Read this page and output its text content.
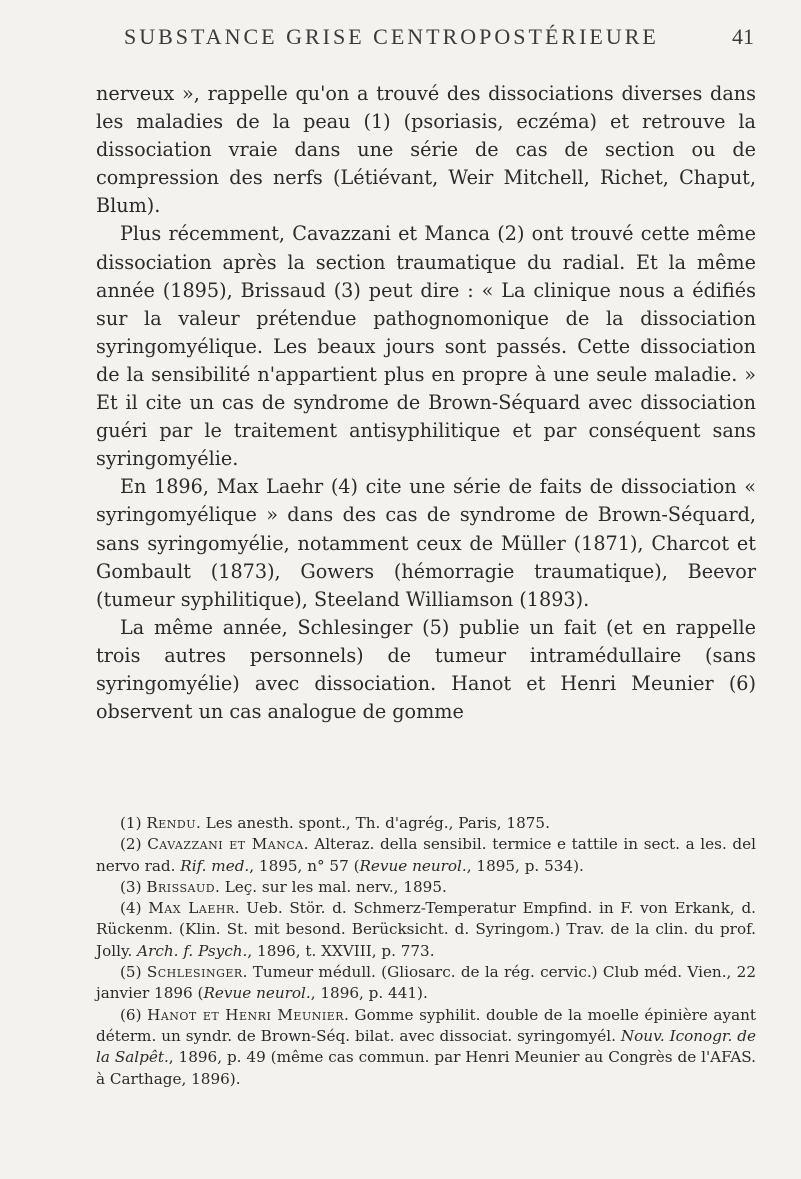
SUBSTANCE GRISE CENTROPOSTÉRIEURE	41

nerveux », rappelle qu'on a trouvé des dissociations diverses dans les maladies de la peau (1) (psoriasis, eczéma) et retrouve la dissociation vraie dans une série de cas de section ou de compression des nerfs (Létiévant, Weir Mitchell, Richet, Chaput, Blum).

Plus récemment, Cavazzani et Manca (2) ont trouvé cette même dissociation après la section traumatique du radial. Et la même année (1895), Brissaud (3) peut dire : « La clinique nous a édifiés sur la valeur prétendue pathognomonique de la dissociation syringomyélique. Les beaux jours sont passés. Cette dissociation de la sensibilité n'appartient plus en propre à une seule maladie. » Et il cite un cas de syndrome de Brown-Séquard avec dissociation guéri par le traitement antisyphilitique et par conséquent sans syringomyélie.

En 1896, Max Laehr (4) cite une série de faits de dissociation « syringomyélique » dans des cas de syndrome de Brown-Séquard, sans syringomyélie, notamment ceux de Müller (1871), Charcot et Gombault (1873), Gowers (hémorragie traumatique), Beevor (tumeur syphilitique), Steeland Williamson (1893).

La même année, Schlesinger (5) publie un fait (et en rappelle trois autres personnels) de tumeur intramédullaire (sans syringomyélie) avec dissociation. Hanot et Henri Meunier (6) observent un cas analogue de gomme

(1) Rendu. Les anesth. spont., Th. d'agrég., Paris, 1875.

(2) Cavazzani et Manca. Alteraz. della sensibil. termice e tattile in sect. a les. del nervo rad. Rif. med., 1895, n° 57 (Revue neurol., 1895, p. 534).

(3) Brissaud. Leç. sur les mal. nerv., 1895.

(4) Max Laehr. Ueb. Stör. d. Schmerz-Temperatur Empfind. in F. von Erkank, d. Rückenm. (Klin. St. mit besond. Berücksicht. d. Syringom.) Trav. de la clin. du prof. Jolly. Arch. f. Psych., 1896, t. XXVIII, p. 773.

(5) Schlesinger. Tumeur médull. (Gliosarc. de la rég. cervic.) Club méd. Vien., 22 janvier 1896 (Revue neurol., 1896, p. 441).

(6) Hanot et Henri Meunier. Gomme syphilit. double de la moelle épinière ayant déterm. un syndr. de Brown-Séq. bilat. avec dissociat. syringomyél. Nouv. Iconogr. de la Salpêt., 1896, p. 49 (même cas commun. par Henri Meunier au Congrès de l'AFAS. à Carthage, 1896).
